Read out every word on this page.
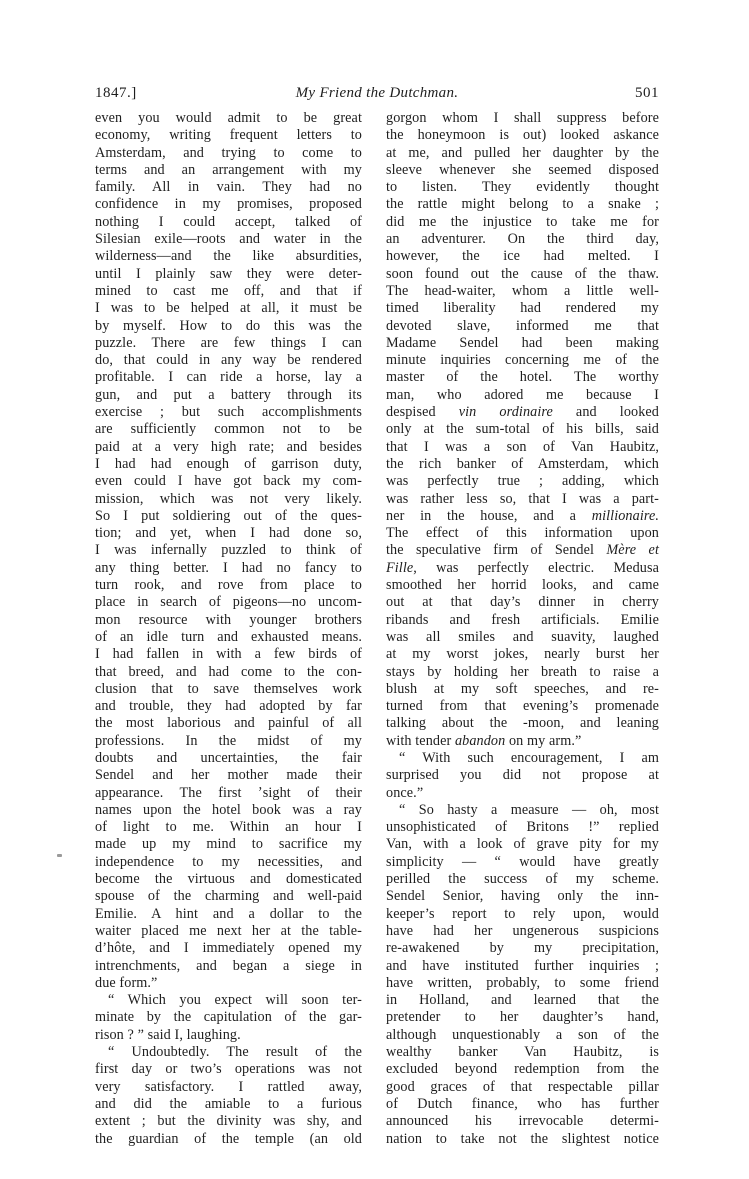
1847.]	My Friend the Dutchman.	501
even you would admit to be great
economy, writing frequent letters to
Amsterdam, and trying to come to
terms and an arrangement with my
family. All in vain. They had no
confidence in my promises, proposed
nothing I could accept, talked of
Silesian exile—roots and water in the
wilderness—and the like absurdities,
until I plainly saw they were deter-
mined to cast me off, and that if
I was to be helped at all, it must be
by myself. How to do this was the
puzzle. There are few things I can
do, that could in any way be rendered
profitable. I can ride a horse, lay a
gun, and put a battery through its
exercise ; but such accomplishments
are sufficiently common not to be
paid at a very high rate; and besides
I had had enough of garrison duty,
even could I have got back my com-
mission, which was not very likely.
So I put soldiering out of the ques-
tion; and yet, when I had done so,
I was infernally puzzled to think of
any thing better. I had no fancy to
turn rook, and rove from place to
place in search of pigeons—no uncom-
mon resource with younger brothers
of an idle turn and exhausted means.
I had fallen in with a few birds of
that breed, and had come to the con-
clusion that to save themselves work
and trouble, they had adopted by far
the most laborious and painful of all
professions. In the midst of my
doubts and uncertainties, the fair
Sendel and her mother made their
appearance. The first ʼsight of their
names upon the hotel book was a ray
of light to me. Within an hour I
made up my mind to sacrifice my
independence to my necessities, and
become the virtuous and domesticated
spouse of the charming and well-paid
Emilie. A hint and a dollar to the
waiter placed me next her at the table-
d’hôte, and I immediately opened my
intrenchments, and began a siege in
due form.”
“ Which you expect will soon ter-
minate by the capitulation of the gar-
rison ? ” said I, laughing.
“ Undoubtedly. The result of the
first day or two’s operations was not
very satisfactory. I rattled away,
and did the amiable to a furious
extent ; but the divinity was shy, and
the guardian of the temple (an old
gorgon whom I shall suppress before
the honeymoon is out) looked askance
at me, and pulled her daughter by the
sleeve whenever she seemed disposed
to listen. They evidently thought
the rattle might belong to a snake ;
did me the injustice to take me for
an adventurer. On the third day,
however, the ice had melted. I
soon found out the cause of the thaw.
The head-waiter, whom a little well-
timed liberality had rendered my
devoted slave, informed me that
Madame Sendel had been making
minute inquiries concerning me of the
master of the hotel. The worthy
man, who adored me because I
despised vin ordinaire and looked
only at the sum-total of his bills, said
that I was a son of Van Haubitz,
the rich banker of Amsterdam, which
was perfectly true ; adding, which
was rather less so, that I was a part-
ner in the house, and a millionaire.
The effect of this information upon
the speculative firm of Sendel Mère et
Fille, was perfectly electric. Medusa
smoothed her horrid looks, and came
out at that day’s dinner in cherry
ribands and fresh artificials. Emilie
was all smiles and suavity, laughed
at my worst jokes, nearly burst her
stays by holding her breath to raise a
blush at my soft speeches, and re-
turned from that evening’s promenade
talking about the -moon, and leaning
with tender abandon on my arm.”
“ With such encouragement, I am
surprised you did not propose at
once.”
“ So hasty a measure — oh, most
unsophisticated of Britons !” replied
Van, with a look of grave pity for my
simplicity — “ would have greatly
perilled the success of my scheme.
Sendel Senior, having only the inn-
keeper’s report to rely upon, would
have had her ungenerous suspicions
re-awakened by my precipitation,
and have instituted further inquiries ;
have written, probably, to some friend
in Holland, and learned that the
pretender to her daughter’s hand,
although unquestionably a son of the
wealthy banker Van Haubitz, is
excluded beyond redemption from the
good graces of that respectable pillar
of Dutch finance, who has further
announced his irrevocable determi-
nation to take not the slightest notice
